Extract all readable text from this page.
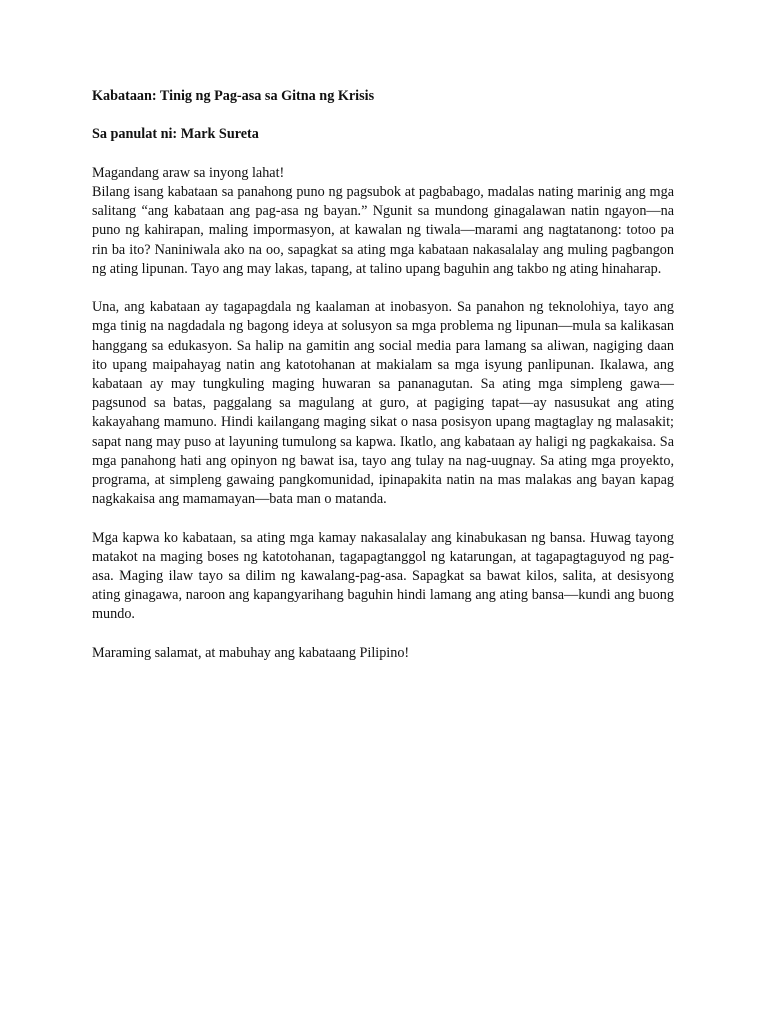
Kabataan: Tinig ng Pag-asa sa Gitna ng Krisis

Sa panulat ni: Mark Sureta

Magandang araw sa inyong lahat!

Bilang isang kabataan sa panahong puno ng pagsubok at pagbabago, madalas nating marinig ang mga salitang “ang kabataan ang pag-asa ng bayan.” Ngunit sa mundong ginagalawan natin ngayon—na puno ng kahirapan, maling impormasyon, at kawalan ng tiwala—marami ang nagtatanong: totoo pa rin ba ito? Naniniwala ako na oo, sapagkat sa ating mga kabataan nakasalalay ang muling pagbangon ng ating lipunan. Tayo ang may lakas, tapang, at talino upang baguhin ang takbo ng ating hinaharap.

Una, ang kabataan ay tagapagdala ng kaalaman at inobasyon. Sa panahon ng teknolohiya, tayo ang mga tinig na nagdadala ng bagong ideya at solusyon sa mga problema ng lipunan—mula sa kalikasan hanggang sa edukasyon. Sa halip na gamitin ang social media para lamang sa aliwan, nagiging daan ito upang maipahayag natin ang katotohanan at makialam sa mga isyung panlipunan. Ikalawa, ang kabataan ay may tungkuling maging huwaran sa pananagutan. Sa ating mga simpleng gawa—pagsunod sa batas, paggalang sa magulang at guro, at pagiging tapat—ay nasusukat ang ating kakayahang mamuno. Hindi kailangang maging sikat o nasa posisyon upang magtaglay ng malasakit; sapat nang may puso at layuning tumulong sa kapwa. Ikatlo, ang kabataan ay haligi ng pagkakaisa. Sa mga panahong hati ang opinyon ng bawat isa, tayo ang tulay na nag-uugnay. Sa ating mga proyekto, programa, at simpleng gawaing pangkomunidad, ipinapakita natin na mas malakas ang bayan kapag nagkakaisa ang mamamayan—bata man o matanda.

Mga kapwa ko kabataan, sa ating mga kamay nakasalalay ang kinabukasan ng bansa. Huwag tayong matakot na maging boses ng katotohanan, tagapagtanggol ng katarungan, at tagapagtaguyod ng pag-asa. Maging ilaw tayo sa dilim ng kawalang-pag-asa. Sapagkat sa bawat kilos, salita, at desisyong ating ginagawa, naroon ang kapangyarihang baguhin hindi lamang ang ating bansa—kundi ang buong mundo.

Maraming salamat, at mabuhay ang kabataang Pilipino!
